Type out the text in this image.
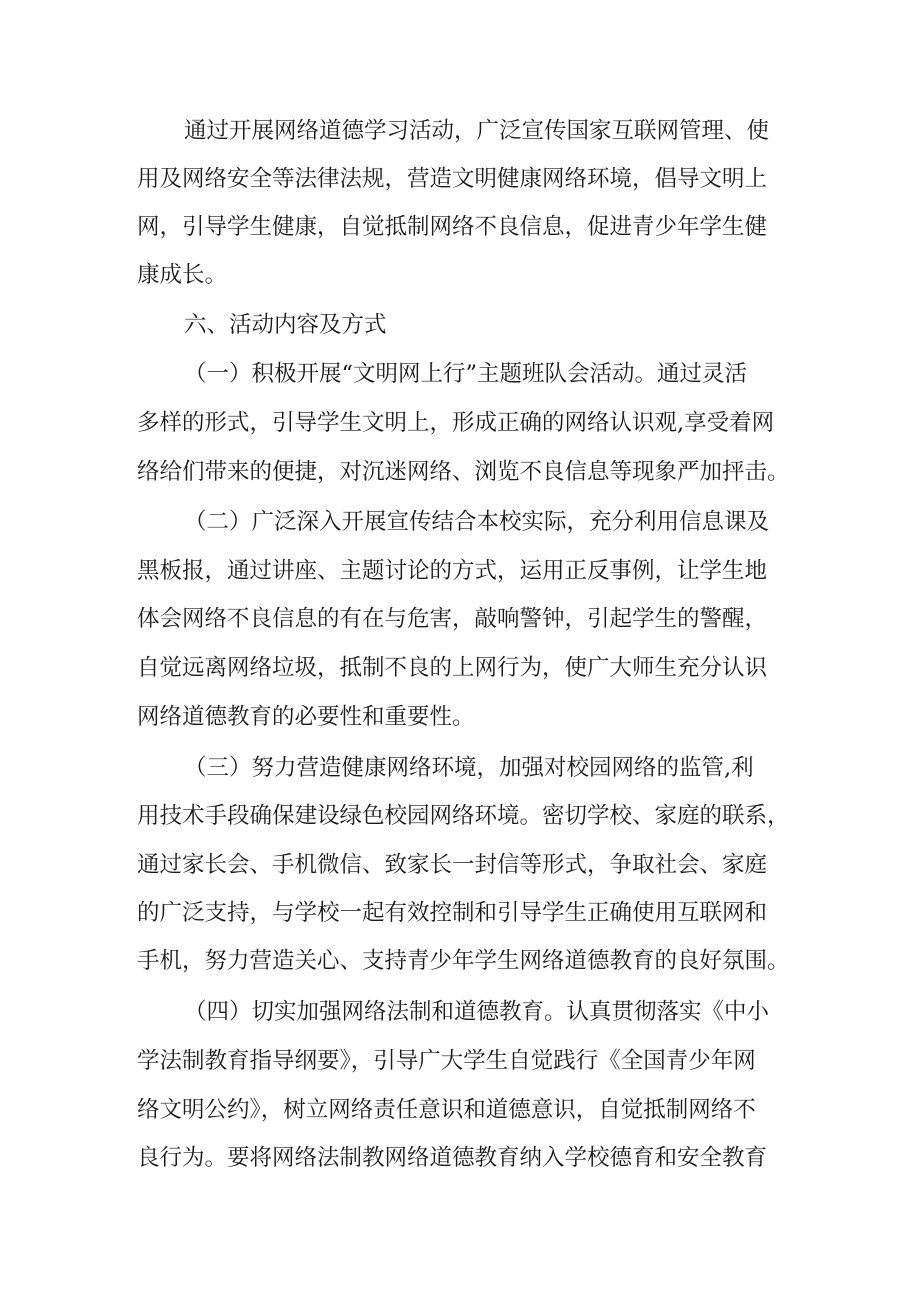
通过开展网络道德学习活动，广泛宣传国家互联网管理、使
用及网络安全等法律法规，营造文明健康网络环境，倡导文明上
网，引导学生健康，自觉抵制网络不良信息，促进青少年学生健
康成长。
六、活动内容及方式
（一）积极开展“文明网上行”主题班队会活动。通过灵活
多样的形式，引导学生文明上，形成正确的网络认识观,享受着网
络给们带来的便捷，对沉迷网络、浏览不良信息等现象严加抨击。
（二）广泛深入开展宣传结合本校实际，充分利用信息课及
黑板报，通过讲座、主题讨论的方式，运用正反事例，让学生地
体会网络不良信息的有在与危害，敲响警钟，引起学生的警醒，
自觉远离网络垃圾，抵制不良的上网行为，使广大师生充分认识
网络道德教育的必要性和重要性。
（三）努力营造健康网络环境，加强对校园网络的监管,利
用技术手段确保建设绿色校园网络环境。密切学校、家庭的联系，
通过家长会、手机微信、致家长一封信等形式，争取社会、家庭
的广泛支持，与学校一起有效控制和引导学生正确使用互联网和
手机，努力营造关心、支持青少年学生网络道德教育的良好氛围。
（四）切实加强网络法制和道德教育。认真贯彻落实《中小
学法制教育指导纲要》，引导广大学生自觉践行《全国青少年网
络文明公约》，树立网络责任意识和道德意识，自觉抵制网络不
良行为。要将网络法制教网络道德教育纳入学校德育和安全教育
